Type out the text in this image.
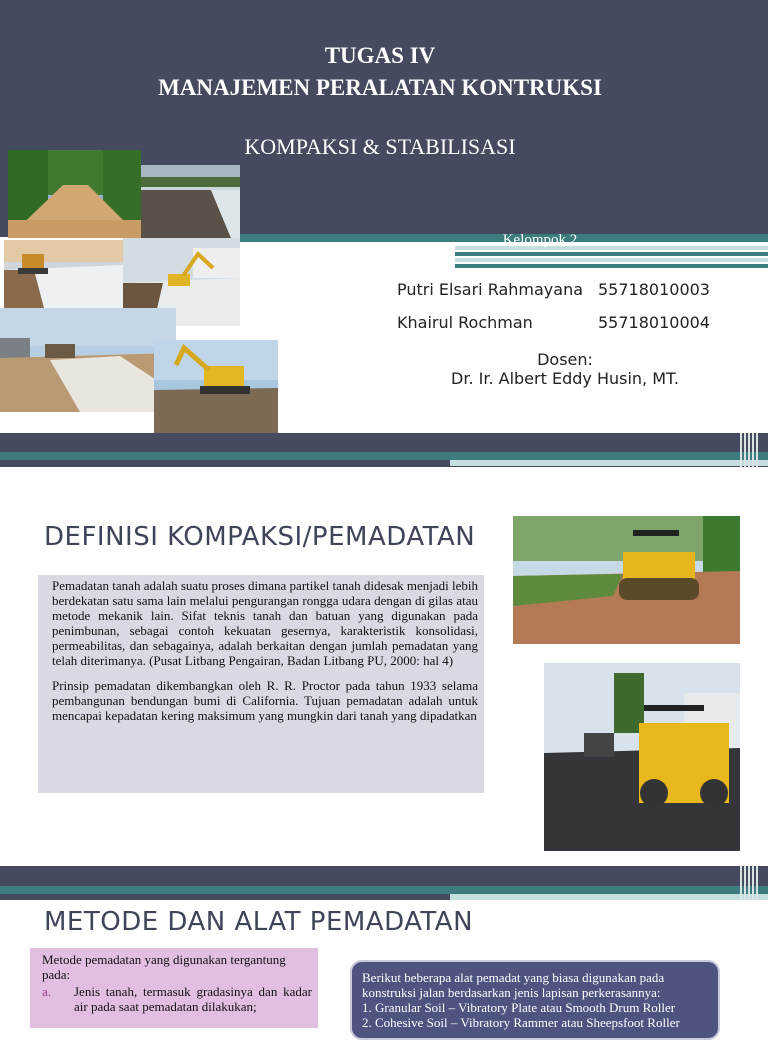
TUGAS IV
MANAJEMEN PERALATAN KONTRUKSI
KOMPAKSI & STABILISASI
Kelompok 2
Putri Elsari Rahmayana 55718010003
Khairul Rochman	55718010004
Dosen:
Dr. Ir. Albert Eddy Husin, MT.
DEFINISI KOMPAKSI/PEMADATAN

Pemadatan tanah adalah suatu proses dimana partikel tanah didesak menjadi lebih berdekatan satu sama lain melalui pengurangan rongga udara dengan di gilas atau metode mekanik lain. Sifat teknis tanah dan batuan yang digunakan pada penimbunan, sebagai contoh kekuatan gesernya, karakteristik konsolidasi, permeabilitas, dan sebagainya, adalah berkaitan dengan jumlah pemadatan yang telah diterimanya. (Pusat Litbang Pengairan, Badan Litbang PU, 2000: hal 4)

Prinsip pemadatan dikembangkan oleh R. R. Proctor pada tahun 1933 selama pembangunan bendungan bumi di California. Tujuan pemadatan adalah untuk mencapai kepadatan kering maksimum yang mungkin dari tanah yang dipadatkan

METODE DAN ALAT PEMADATAN
Metode pemadatan yang digunakan tergantung pada:
a.	Jenis tanah, termasuk gradasinya dan kadar air pada saat pemadatan dilakukan;
Berikut beberapa alat pemadat yang biasa digunakan pada konstruksi jalan berdasarkan jenis lapisan perkerasannya:
1. Granular Soil – Vibratory Plate atau Smooth Drum Roller
2. Cohesive Soil – Vibratory Rammer atau Sheepsfoot Roller
